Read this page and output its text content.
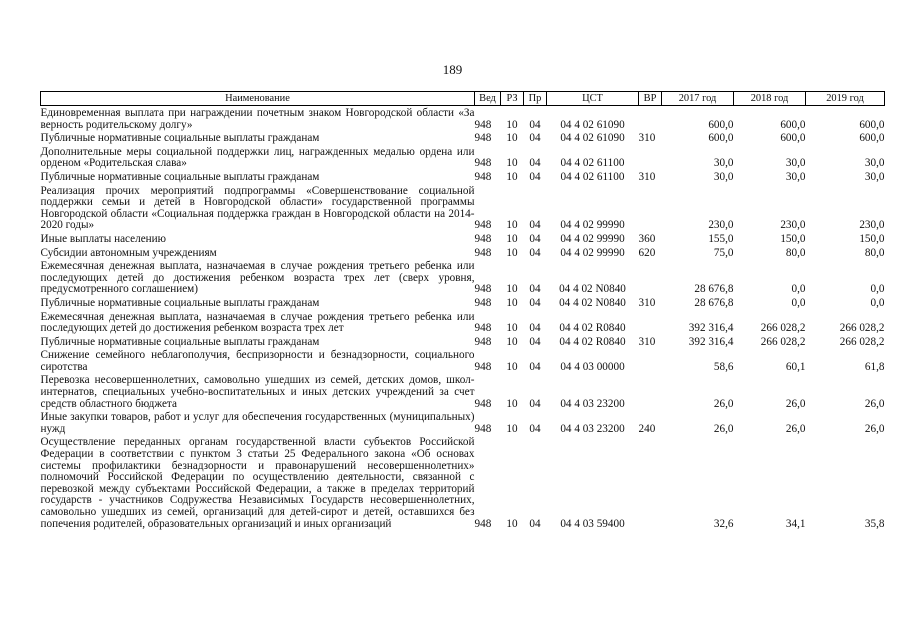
189
Наименование	Вед	РЗ	Пр	ЦСТ	ВР	2017 год	2018 год	2019 год
Единовременная выплата при награждении почетным знаком Новгородской области «За верность родительскому долгу»	948	10	04	04 4 02 61090		600,0	600,0	600,0
Публичные нормативные социальные выплаты гражданам	948	10	04	04 4 02 61090	310	600,0	600,0	600,0
Дополнительные меры социальной поддержки лиц, награжденных медалью ордена или орденом «Родительская слава»	948	10	04	04 4 02 61100		30,0	30,0	30,0
Публичные нормативные социальные выплаты гражданам	948	10	04	04 4 02 61100	310	30,0	30,0	30,0
Реализация прочих мероприятий подпрограммы «Совершенствование социальной поддержки семьи и детей в Новгородской области» государственной программы Новгородской области «Социальная поддержка граждан в Новгородской области на 2014-2020 годы»	948	10	04	04 4 02 99990		230,0	230,0	230,0
Иные выплаты населению	948	10	04	04 4 02 99990	360	155,0	150,0	150,0
Субсидии автономным учреждениям	948	10	04	04 4 02 99990	620	75,0	80,0	80,0
Ежемесячная денежная выплата, назначаемая в случае рождения третьего ребенка или последующих детей до достижения ребенком возраста трех лет (сверх уровня, предусмотренного соглашением)	948	10	04	04 4 02 N0840		28 676,8	0,0	0,0
Публичные нормативные социальные выплаты гражданам	948	10	04	04 4 02 N0840	310	28 676,8	0,0	0,0
Ежемесячная денежная выплата, назначаемая в случае рождения третьего ребенка или последующих детей до достижения ребенком возраста трех лет	948	10	04	04 4 02 R0840		392 316,4	266 028,2	266 028,2
Публичные нормативные социальные выплаты гражданам	948	10	04	04 4 02 R0840	310	392 316,4	266 028,2	266 028,2
Снижение семейного неблагополучия, беспризорности и безнадзорности, социального сиротства	948	10	04	04 4 03 00000		58,6	60,1	61,8
Перевозка несовершеннолетних, самовольно ушедших из семей, детских домов, школ-интернатов, специальных учебно-воспитательных и иных детских учреждений за счет средств областного бюджета	948	10	04	04 4 03 23200		26,0	26,0	26,0
Иные закупки товаров, работ и услуг для обеспечения государственных (муниципальных) нужд	948	10	04	04 4 03 23200	240	26,0	26,0	26,0
Осуществление переданных органам государственной власти субъектов Российской Федерации в соответствии с пунктом 3 статьи 25 Федерального закона «Об основах системы профилактики безнадзорности и правонарушений несовершеннолетних» полномочий Российской Федерации по осуществлению деятельности, связанной с перевозкой между субъектами Российской Федерации, а также в пределах территорий государств - участников Содружества Независимых Государств несовершеннолетних, самовольно ушедших из семей, организаций для детей-сирот и детей, оставшихся без попечения родителей, образовательных организаций и иных организаций	948	10	04	04 4 03 59400		32,6	34,1	35,8
